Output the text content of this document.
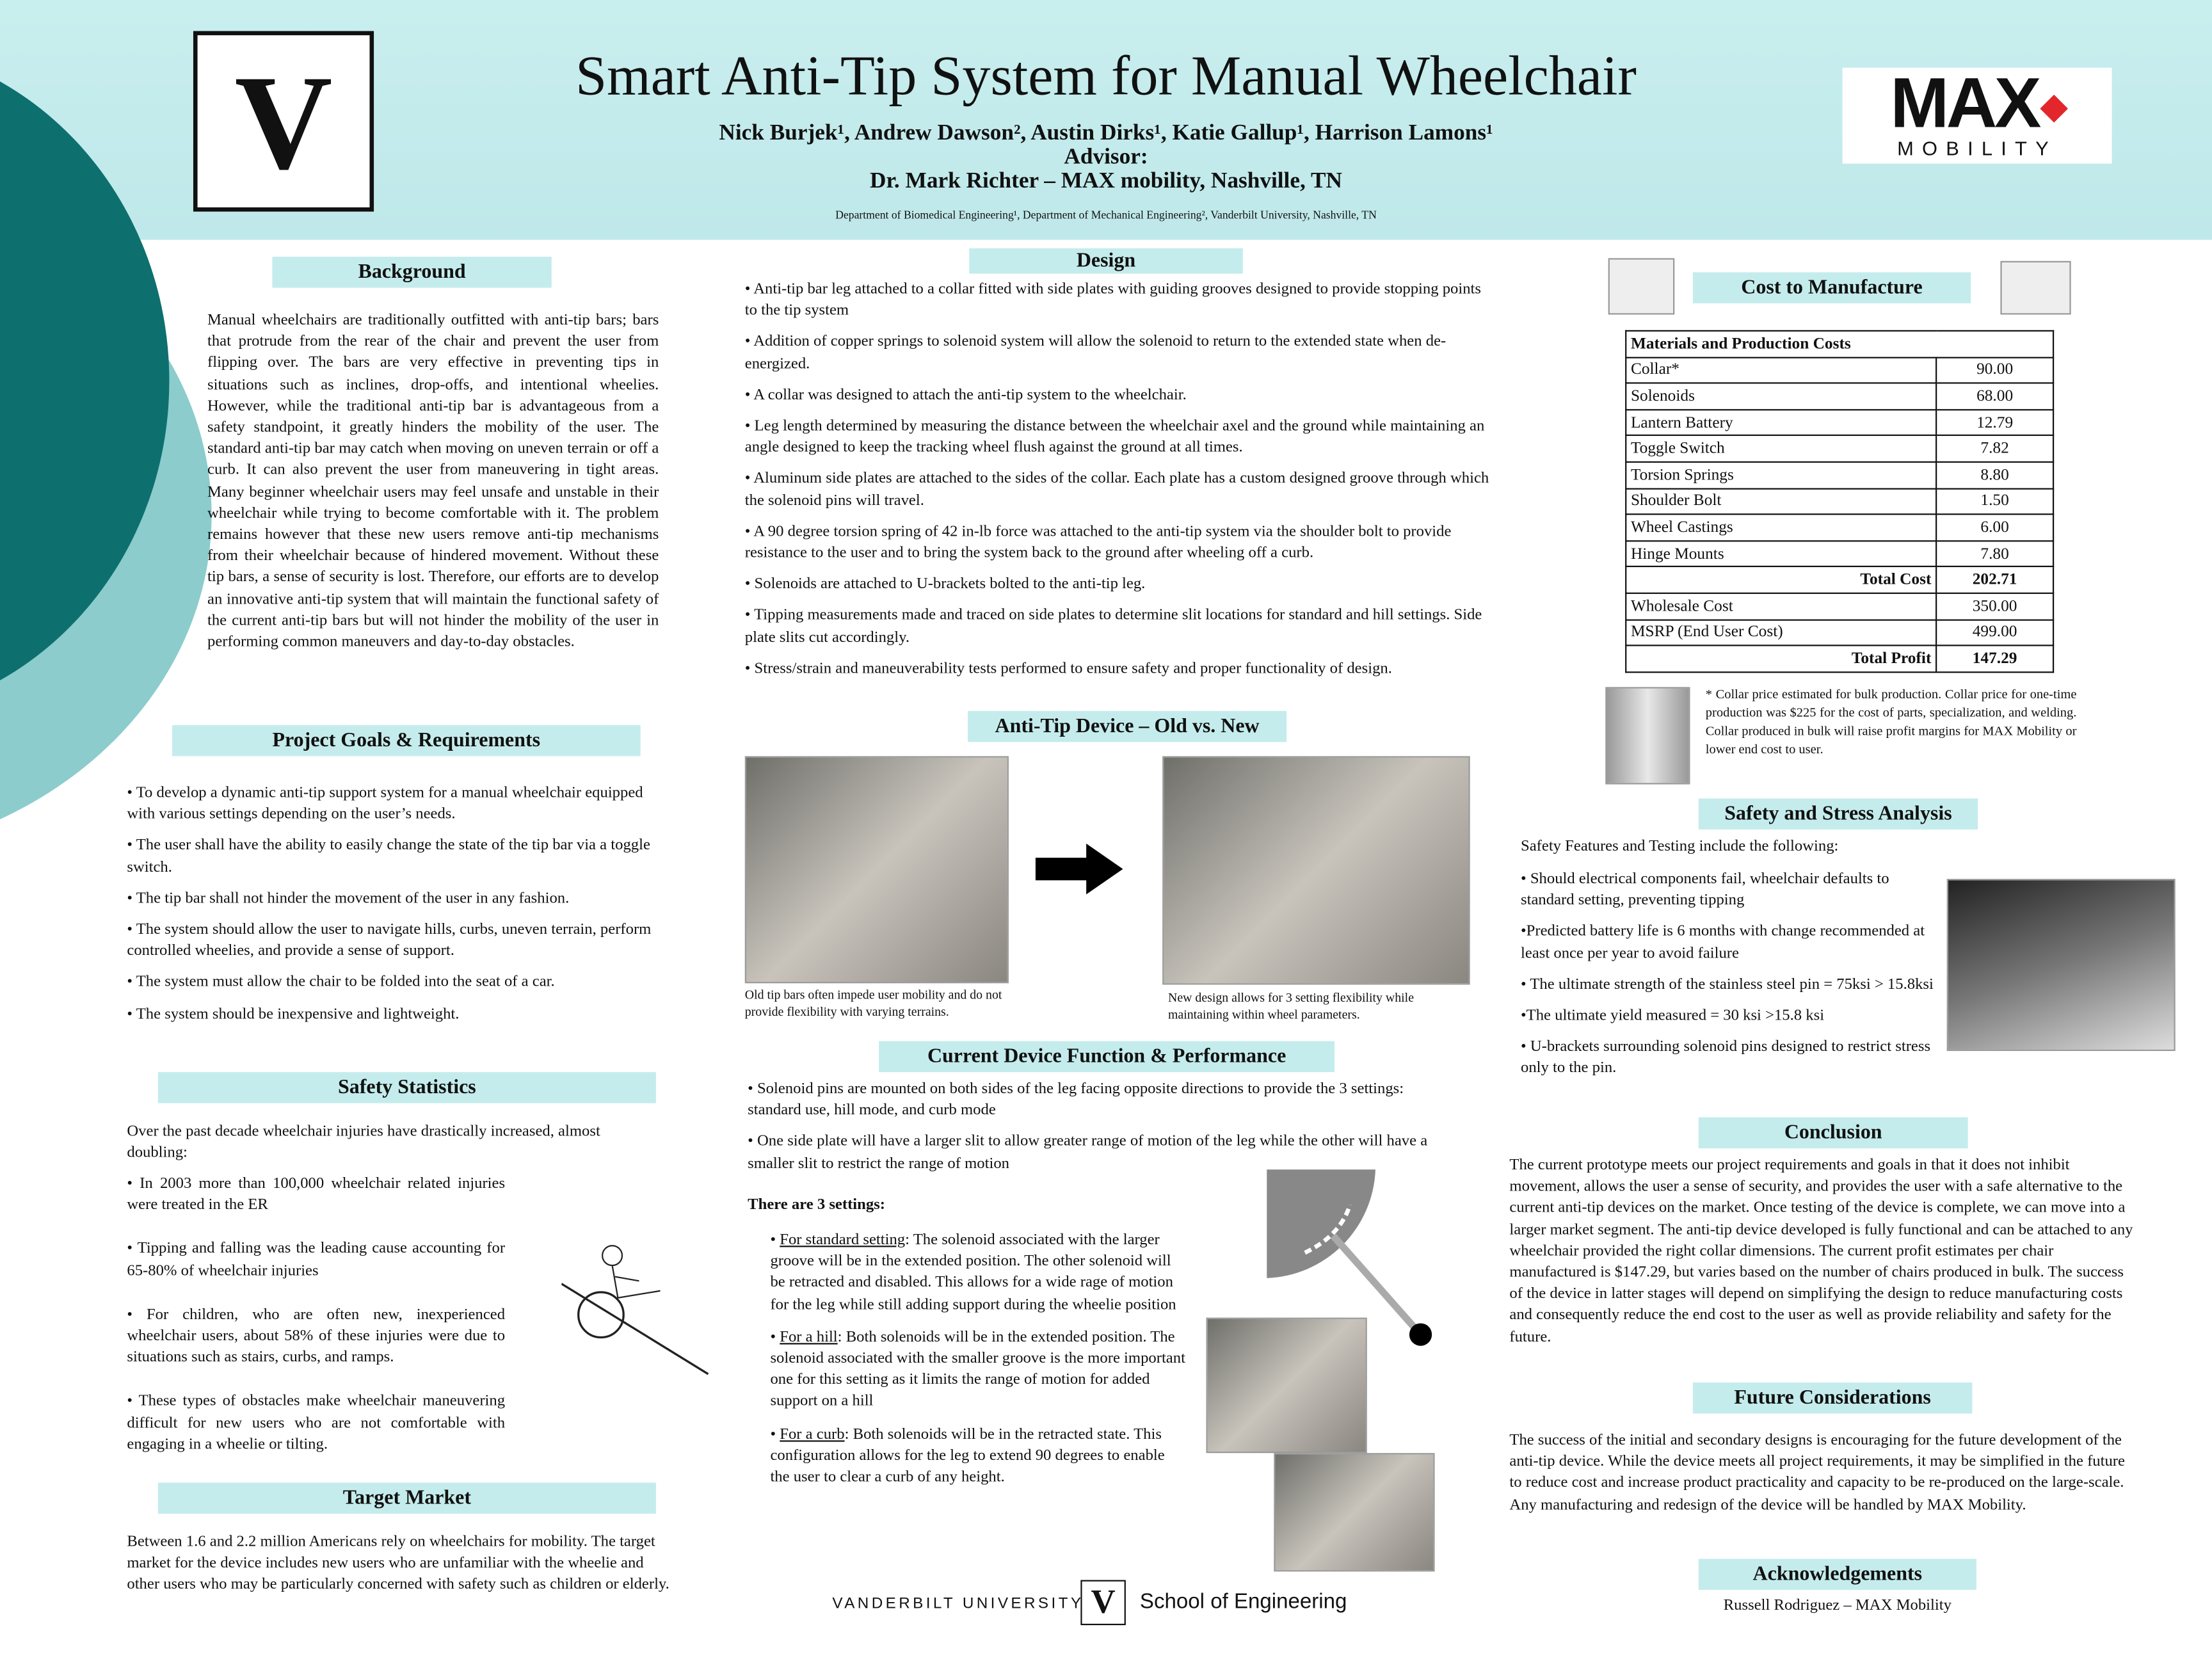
V	Smart Anti-Tip System for Manual Wheelchair
Nick Burjek¹, Andrew Dawson², Austin Dirks¹, Katie Gallup¹, Harrison Lamons¹
Advisor:
Dr. Mark Richter – MAX mobility, Nashville, TN
Department of Biomedical Engineering¹, Department of Mechanical Engineering², Vanderbilt University, Nashville, TN
MAX
MOBILITY
Background
Manual wheelchairs are traditionally outfitted with anti-tip bars; bars that protrude from the rear of the chair and prevent the user from flipping over. The bars are very effective in preventing tips in situations such as inclines, drop-offs, and intentional wheelies. However, while the traditional anti-tip bar is advantageous from a safety standpoint, it greatly hinders the mobility of the user. The standard anti-tip bar may catch when moving on uneven terrain or off a curb. It can also prevent the user from maneuvering in tight areas. Many beginner wheelchair users may feel unsafe and unstable in their wheelchair while trying to become comfortable with it. The problem remains however that these new users remove anti-tip mechanisms from their wheelchair because of hindered movement. Without these tip bars, a sense of security is lost. Therefore, our efforts are to develop an innovative anti-tip system that will maintain the functional safety of the current anti-tip bars but will not hinder the mobility of the user in performing common maneuvers and day-to-day obstacles.
Project Goals & Requirements

• To develop a dynamic anti-tip support system for a manual wheelchair equipped with various settings depending on the user’s needs.

• The user shall have the ability to easily change the state of the tip bar via a toggle switch.

• The tip bar shall not hinder the movement of the user in any fashion.

• The system should allow the user to navigate hills, curbs, uneven terrain, perform controlled wheelies, and provide a sense of support.

• The system must allow the chair to be folded into the seat of a car.

• The system should be inexpensive and lightweight.

Safety Statistics
Over the past decade wheelchair injuries have drastically increased, almost doubling:

• In 2003 more than 100,000 wheelchair related injuries were treated in the ER

• Tipping and falling was the leading cause accounting for 65-80% of wheelchair injuries

• For children, who are often new, inexperienced wheelchair users, about 58% of these injuries were due to situations such as stairs, curbs, and ramps.

• These types of obstacles make wheelchair maneuvering difficult for new users who are not comfortable with engaging in a wheelie or tilting.

Target Market
Between 1.6 and 2.2 million Americans rely on wheelchairs for mobility. The target market for the device includes new users who are unfamiliar with the wheelie and other users who may be particularly concerned with safety such as children or elderly.
Design

• Anti-tip bar leg attached to a collar fitted with side plates with guiding grooves designed to provide stopping points to the tip system

• Addition of copper springs to solenoid system will allow the solenoid to return to the extended state when de-energized.

• A collar was designed to attach the anti-tip system to the wheelchair.

• Leg length determined by measuring the distance between the wheelchair axel and the ground while maintaining an angle designed to keep the tracking wheel flush against the ground at all times.

• Aluminum side plates are attached to the sides of the collar. Each plate has a custom designed groove through which the solenoid pins will travel.

• A 90 degree torsion spring of 42 in-lb force was attached to the anti-tip system via the shoulder bolt to provide resistance to the user and to bring the system back to the ground after wheeling off a curb.

• Solenoids are attached to U-brackets bolted to the anti-tip leg.

• Tipping measurements made and traced on side plates to determine slit locations for standard and hill settings. Side plate slits cut accordingly.

• Stress/strain and maneuverability tests performed to ensure safety and proper functionality of design.

Anti-Tip Device – Old vs. New
Old tip bars often impede user mobility and do not provide flexibility with varying terrains.
New design allows for 3 setting flexibility while maintaining within wheel parameters.
Current Device Function & Performance

• Solenoid pins are mounted on both sides of the leg facing opposite directions to provide the 3 settings: standard use, hill mode, and curb mode

• One side plate will have a larger slit to allow greater range of motion of the leg while the other will have a smaller slit to restrict the range of motion

There are 3 settings:

• For standard setting: The solenoid associated with the larger groove will be in the extended position. The other solenoid will be retracted and disabled. This allows for a wide rage of motion for the leg while still adding support during the wheelie position

• For a hill: Both solenoids will be in the extended position. The solenoid associated with the smaller groove is the more important one for this setting as it limits the range of motion for added support on a hill

• For a curb: Both solenoids will be in the retracted state. This configuration allows for the leg to extend 90 degrees to enable the user to clear a curb of any height.

VANDERBILT UNIVERSITY V	School of Engineering
Cost to Manufacture
Materials and Production Costs	
Collar*	90.00
Solenoids	68.00
Lantern Battery	12.79
Toggle Switch	7.82
Torsion Springs	8.80
Shoulder Bolt	1.50
Wheel Castings	6.00
Hinge Mounts	7.80
Total Cost	202.71
Wholesale Cost	350.00
MSRP (End User Cost)	499.00
Total Profit	147.29
* Collar price estimated for bulk production. Collar price for one-time production was $225 for the cost of parts, specialization, and welding. Collar produced in bulk will raise profit margins for MAX Mobility or lower end cost to user.
Safety and Stress Analysis
Safety Features and Testing include the following:

• Should electrical components fail, wheelchair defaults to standard setting, preventing tipping

•Predicted battery life is 6 months with change recommended at least once per year to avoid failure

• The ultimate strength of the stainless steel pin = 75ksi > 15.8ksi

•The ultimate yield measured = 30 ksi >15.8 ksi

• U-brackets surrounding solenoid pins designed to restrict stress only to the pin.

Conclusion
The current prototype meets our project requirements and goals in that it does not inhibit movement, allows the user a sense of security, and provides the user with a safe alternative to the current anti-tip devices on the market. Once testing of the device is complete, we can move into a larger market segment. The anti-tip device developed is fully functional and can be attached to any wheelchair provided the right collar dimensions. The current profit estimates per chair manufactured is $147.29, but varies based on the number of chairs produced in bulk. The success of the device in latter stages will depend on simplifying the design to reduce manufacturing costs and consequently reduce the end cost to the user as well as provide reliability and safety for the future.
Future Considerations
The success of the initial and secondary designs is encouraging for the future development of the anti-tip device. While the device meets all project requirements, it may be simplified in the future to reduce cost and increase product practicality and capacity to be re-produced on the large-scale. Any manufacturing and redesign of the device will be handled by MAX Mobility.
Acknowledgements
Russell Rodriguez – MAX Mobility
